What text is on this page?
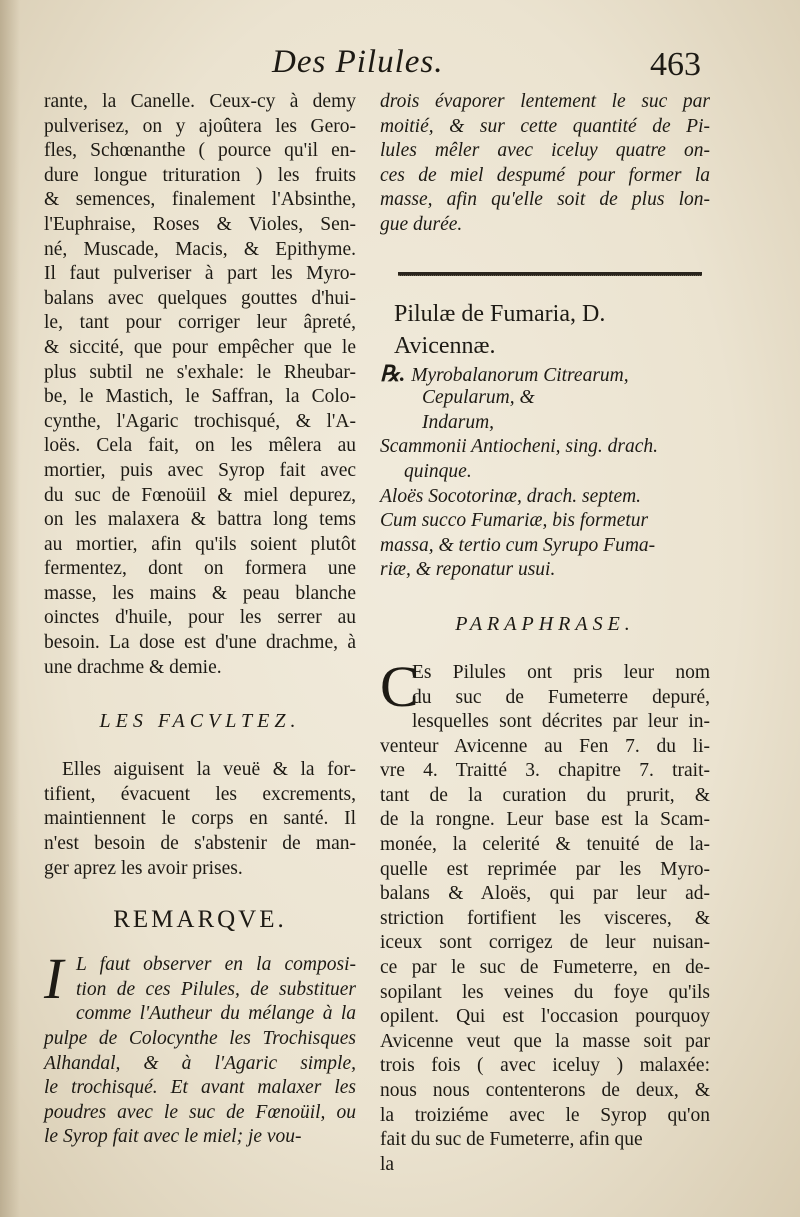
Des Pilules.	463
rante, la Canelle. Ceux-cy à demy
pulverisez, on y ajoûtera les Gero-
fles, Schœnanthe ( pource qu'il en-
dure longue trituration ) les fruits
& semences, finalement l'Absinthe,
l'Euphraise, Roses & Violes, Sen-
né, Muscade, Macis, & Epithyme.
Il faut pulveriser à part les Myro-
balans avec quelques gouttes d'hui-
le, tant pour corriger leur âpreté,
& siccité, que pour empêcher que le
plus subtil ne s'exhale: le Rheubar-
be, le Mastich, le Saffran, la Colo-
cynthe, l'Agaric trochisqué, & l'A-
loës. Cela fait, on les mêlera au
mortier, puis avec Syrop fait avec
du suc de Fœnoüil & miel depurez,
on les malaxera & battra long tems
au mortier, afin qu'ils soient plutôt
fermentez, dont on formera une
masse, les mains & peau blanche
oinctes d'huile, pour les serrer au
besoin. La dose est d'une drachme, à
une drachme & demie.
LES FACVLTEZ.
Elles aiguisent la veuë & la for-
tifient, évacuent les excrements,
maintiennent le corps en santé. Il
n'est besoin de s'abstenir de man-
ger aprez les avoir prises.
REMARQVE.
I L faut observer en la composi-
tion de ces Pilules, de substituer
comme l'Autheur du mélange à la
pulpe de Colocynthe les Trochisques
Alhandal, & à l'Agaric simple,
le trochisqué. Et avant malaxer les
poudres avec le suc de Fœnoüil, ou
le Syrop fait avec le miel; je vou-
drois évaporer lentement le suc par
moitié, & sur cette quantité de Pi-
lules mêler avec iceluy quatre on-
ces de miel despumé pour former la
masse, afin qu'elle soit de plus lon-
gue durée.
Pilulæ de Fumaria, D. Avicennæ.
℞. Myrobalanorum Citrearum,
Cepularum, &
Indarum,
Scammonii Antiocheni, sing. drach.
quinque.
Aloës Socotorinæ, drach. septem.
Cum succo Fumariæ, bis formetur
massa, & tertio cum Syrupo Fuma-
riæ, & reponatur usui.
PARAPHRASE.
C
Es Pilules ont pris leur nom
du suc de Fumeterre depuré,
lesquelles sont décrites par leur in-
venteur Avicenne au Fen 7. du li-
vre 4. Traitté 3. chapitre 7. trait-
tant de la curation du prurit, &
de la rongne. Leur base est la Scam-
monée, la celerité & tenuité de la-
quelle est reprimée par les Myro-
balans & Aloës, qui par leur ad-
striction fortifient les visceres, &
iceux sont corrigez de leur nuisan-
ce par le suc de Fumeterre, en de-
sopilant les veines du foye qu'ils
opilent. Qui est l'occasion pourquoy
Avicenne veut que la masse soit par
trois fois ( avec iceluy ) malaxée:
nous nous contenterons de deux, &
la troiziéme avec le Syrop qu'on
fait du suc de Fumeterre, afin que
la
